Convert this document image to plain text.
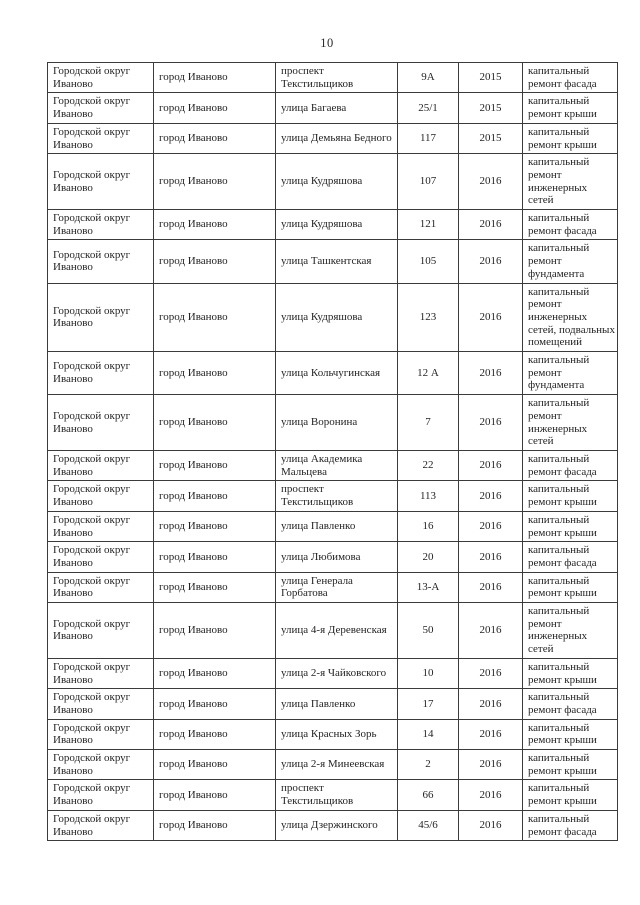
10
Городской округ Иваново	город Иваново	проспект Текстильщиков	9А	2015	капитальный ремонт фасада
Городской округ Иваново	город Иваново	улица Багаева	25/1	2015	капитальный ремонт крыши
Городской округ Иваново	город Иваново	улица Демьяна Бедного	117	2015	капитальный ремонт крыши
Городской округ Иваново	город Иваново	улица Кудряшова	107	2016	капитальный ремонт инженерных сетей
Городской округ Иваново	город Иваново	улица Кудряшова	121	2016	капитальный ремонт фасада
Городской округ Иваново	город Иваново	улица Ташкентская	105	2016	капитальный ремонт фундамента
Городской округ Иваново	город Иваново	улица Кудряшова	123	2016	капитальный ремонт инженерных сетей, подвальных помещений
Городской округ Иваново	город Иваново	улица Кольчугинская	12 А	2016	капитальный ремонт фундамента
Городской округ Иваново	город Иваново	улица Воронина	7	2016	капитальный ремонт инженерных сетей
Городской округ Иваново	город Иваново	улица Академика Мальцева	22	2016	капитальный ремонт фасада
Городской округ Иваново	город Иваново	проспект Текстильщиков	113	2016	капитальный ремонт крыши
Городской округ Иваново	город Иваново	улица Павленко	16	2016	капитальный ремонт крыши
Городской округ Иваново	город Иваново	улица Любимова	20	2016	капитальный ремонт фасада
Городской округ Иваново	город Иваново	улица Генерала Горбатова	13-А	2016	капитальный ремонт крыши
Городской округ Иваново	город Иваново	улица 4-я Деревенская	50	2016	капитальный ремонт инженерных сетей
Городской округ Иваново	город Иваново	улица 2-я Чайковского	10	2016	капитальный ремонт крыши
Городской округ Иваново	город Иваново	улица Павленко	17	2016	капитальный ремонт фасада
Городской округ Иваново	город Иваново	улица Красных Зорь	14	2016	капитальный ремонт крыши
Городской округ Иваново	город Иваново	улица 2-я Минеевская	2	2016	капитальный ремонт крыши
Городской округ Иваново	город Иваново	проспект Текстильщиков	66	2016	капитальный ремонт крыши
Городской округ Иваново	город Иваново	улица Дзержинского	45/6	2016	капитальный ремонт фасада
